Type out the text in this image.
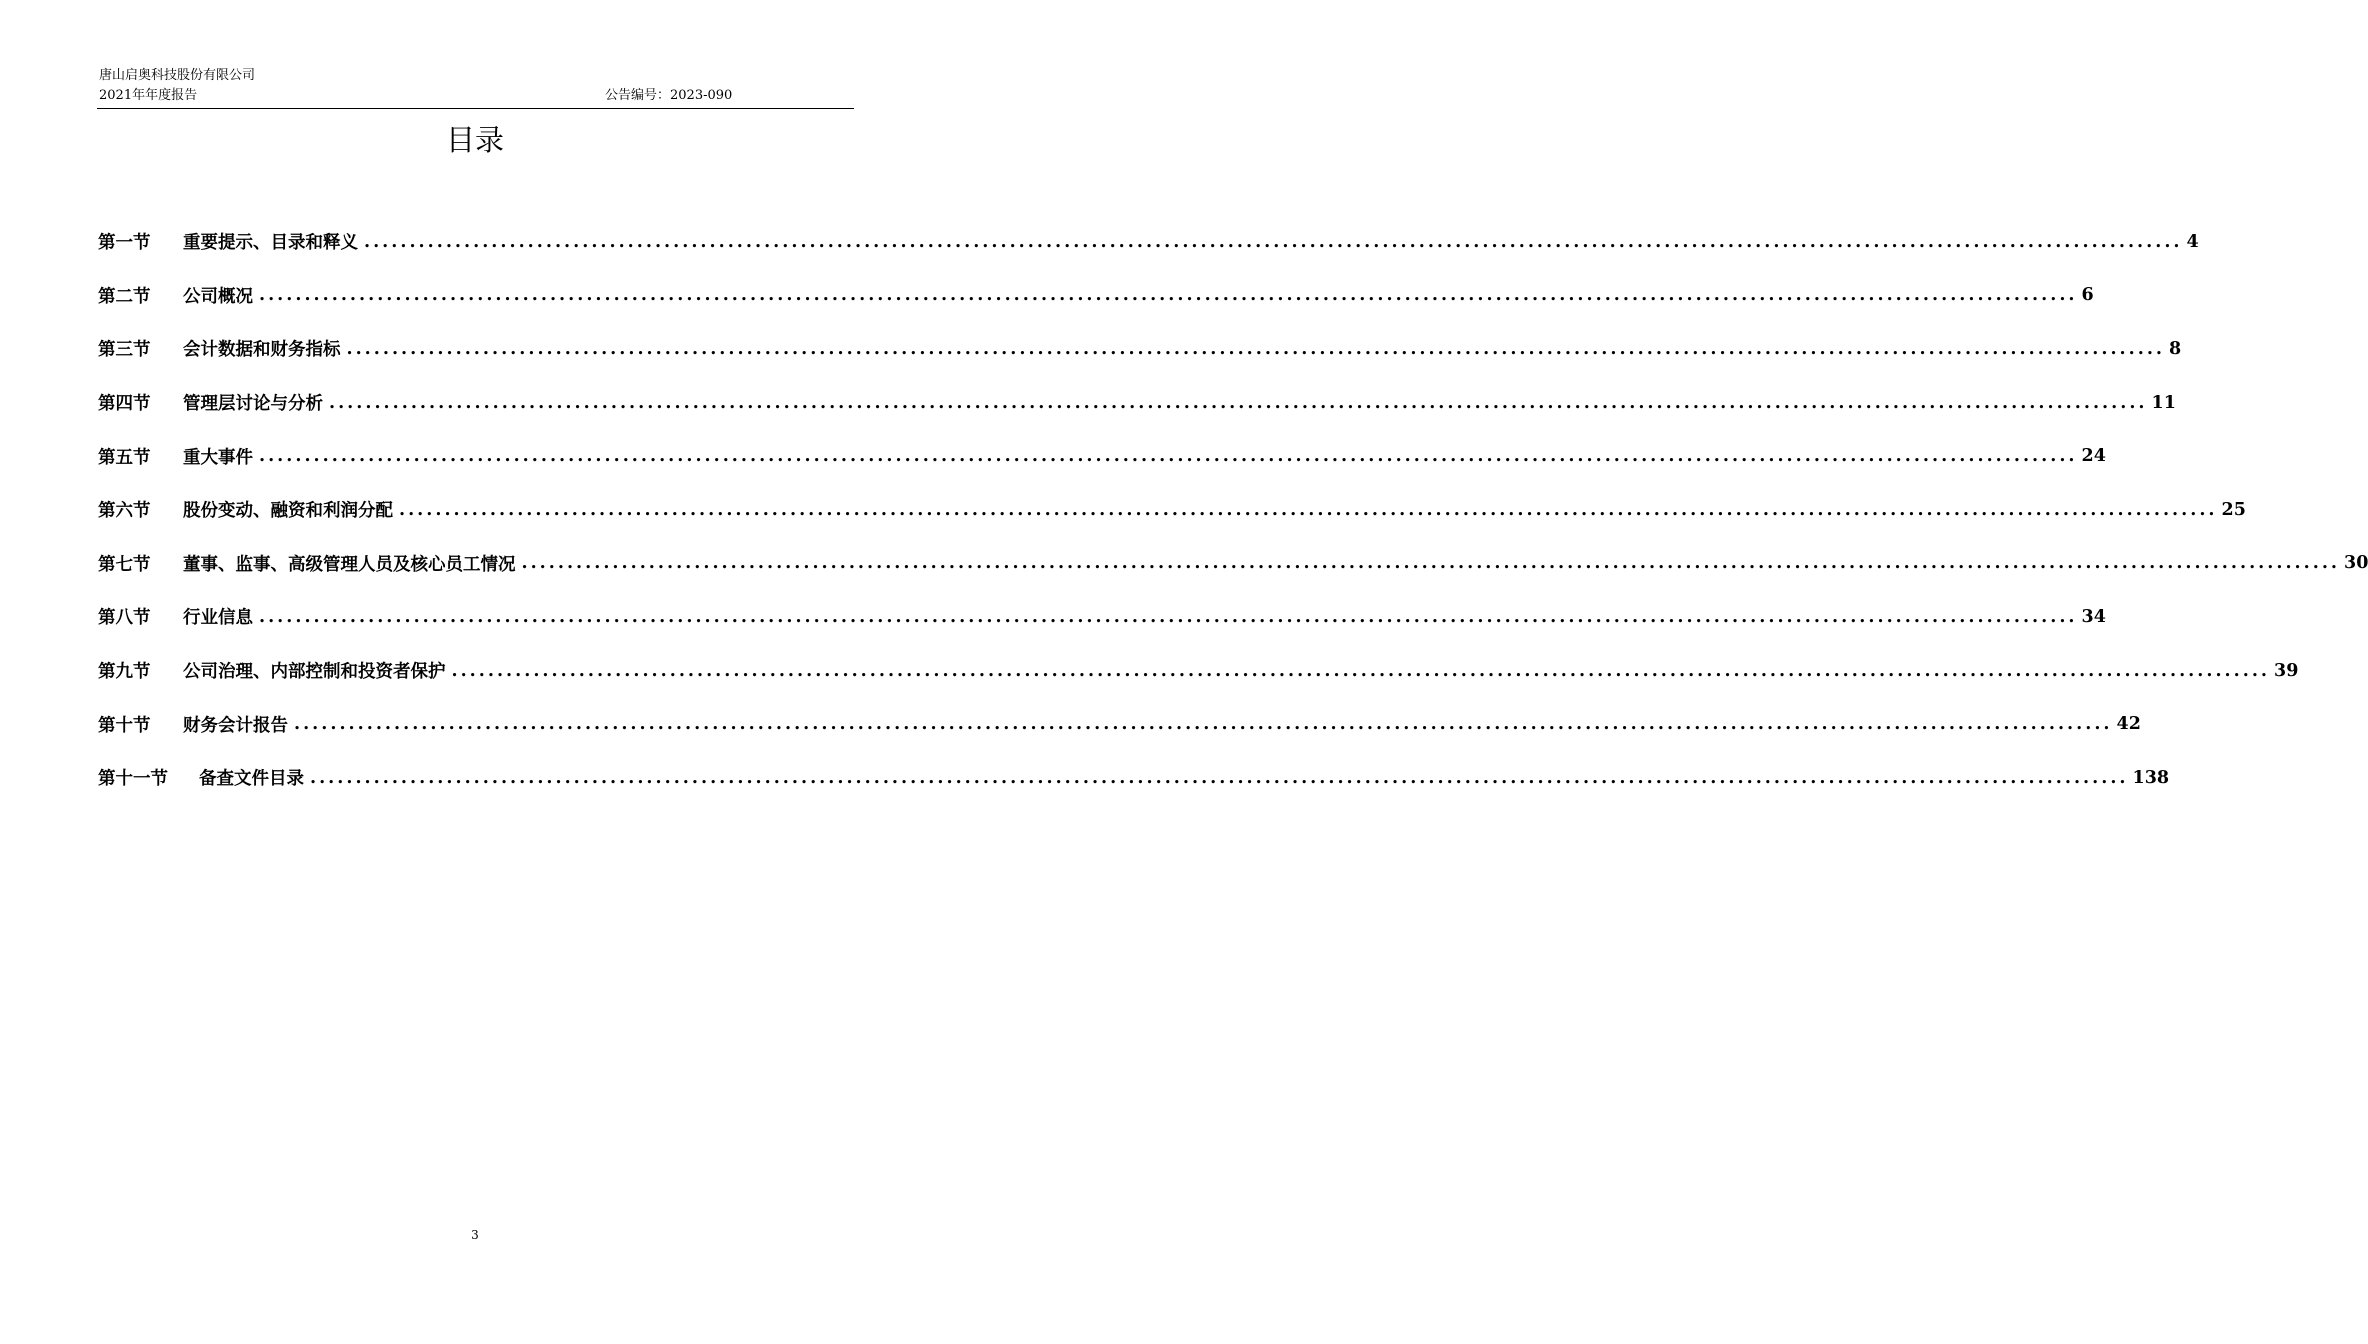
唐山启奥科技股份有限公司
2021年年度报告	公告编号：2023-090
目录
第一节	重要提示、目录和释义 ........................................................................................................................................................................................................ 4
第二节	公司概况 ........................................................................................................................................................................................................ 6
第三节	会计数据和财务指标 ........................................................................................................................................................................................................ 8
第四节	管理层讨论与分析 ........................................................................................................................................................................................................ 11
第五节	重大事件 ........................................................................................................................................................................................................ 24
第六节	股份变动、融资和利润分配 ........................................................................................................................................................................................................ 25
第七节	董事、监事、高级管理人员及核心员工情况 ........................................................................................................................................................................................................ 30
第八节	行业信息 ........................................................................................................................................................................................................ 34
第九节	公司治理、内部控制和投资者保护 ........................................................................................................................................................................................................ 39
第十节	财务会计报告 ........................................................................................................................................................................................................ 42
第十一节	备查文件目录 ........................................................................................................................................................................................................ 138
3
